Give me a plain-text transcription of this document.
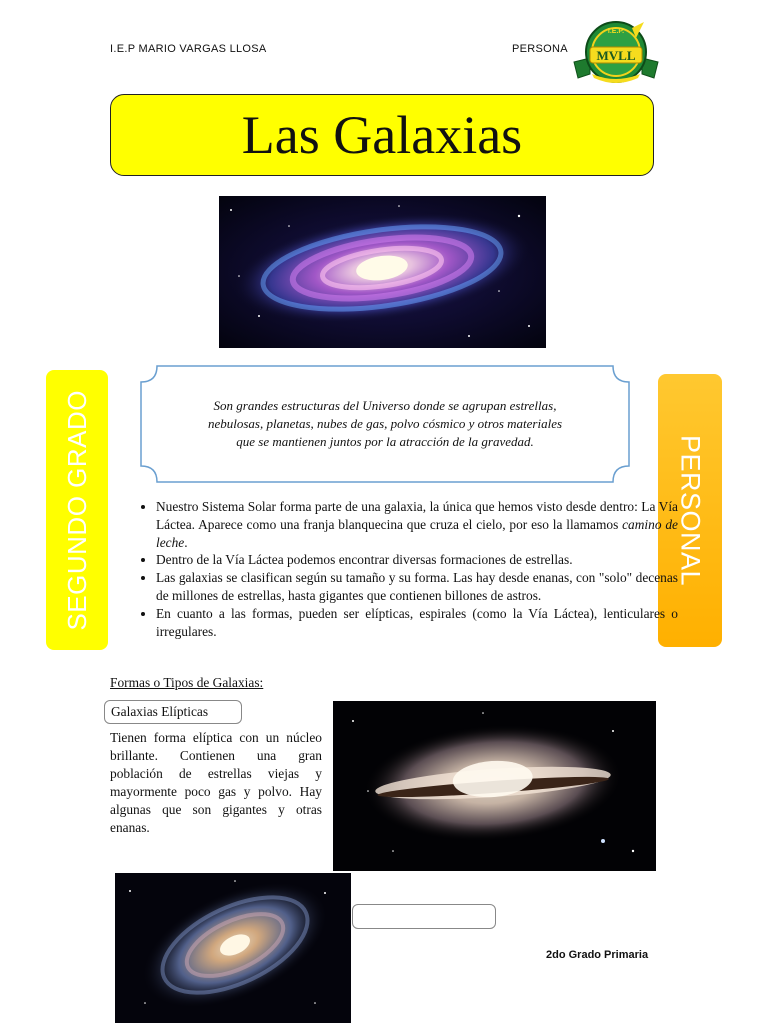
I.E.P MARIO VARGAS LLOSA	PERSONA MVLL
I.E.P.
Las Galaxias
SEGUNDO GRADO	PERSONAL
Son grandes estructuras del Universo donde se agrupan estrellas,
nebulosas, planetas, nubes de gas, polvo cósmico y otros materiales
que se mantienen juntos por la atracción de la gravedad.
• Nuestro Sistema Solar forma parte de una galaxia, la única que hemos visto desde dentro: La Vía Láctea. Aparece como una franja blanquecina que cruza el cielo, por eso la llamamos camino de leche.
• Dentro de la Vía Láctea podemos encontrar diversas formaciones de estrellas.
• Las galaxias se clasifican según su tamaño y su forma. Las hay desde enanas, con "solo" decenas de millones de estrellas, hasta gigantes que contienen billones de astros.
• En cuanto a las formas, pueden ser elípticas, espirales (como la Vía Láctea), lenticulares o irregulares.
Formas o Tipos de Galaxias:
Galaxias Elípticas

Tienen forma elíptica con un núcleo brillante. Contienen una gran población de estrellas viejas y mayormente poco gas y polvo. Hay algunas que son gigantes y otras enanas.

2do Grado Primaria
